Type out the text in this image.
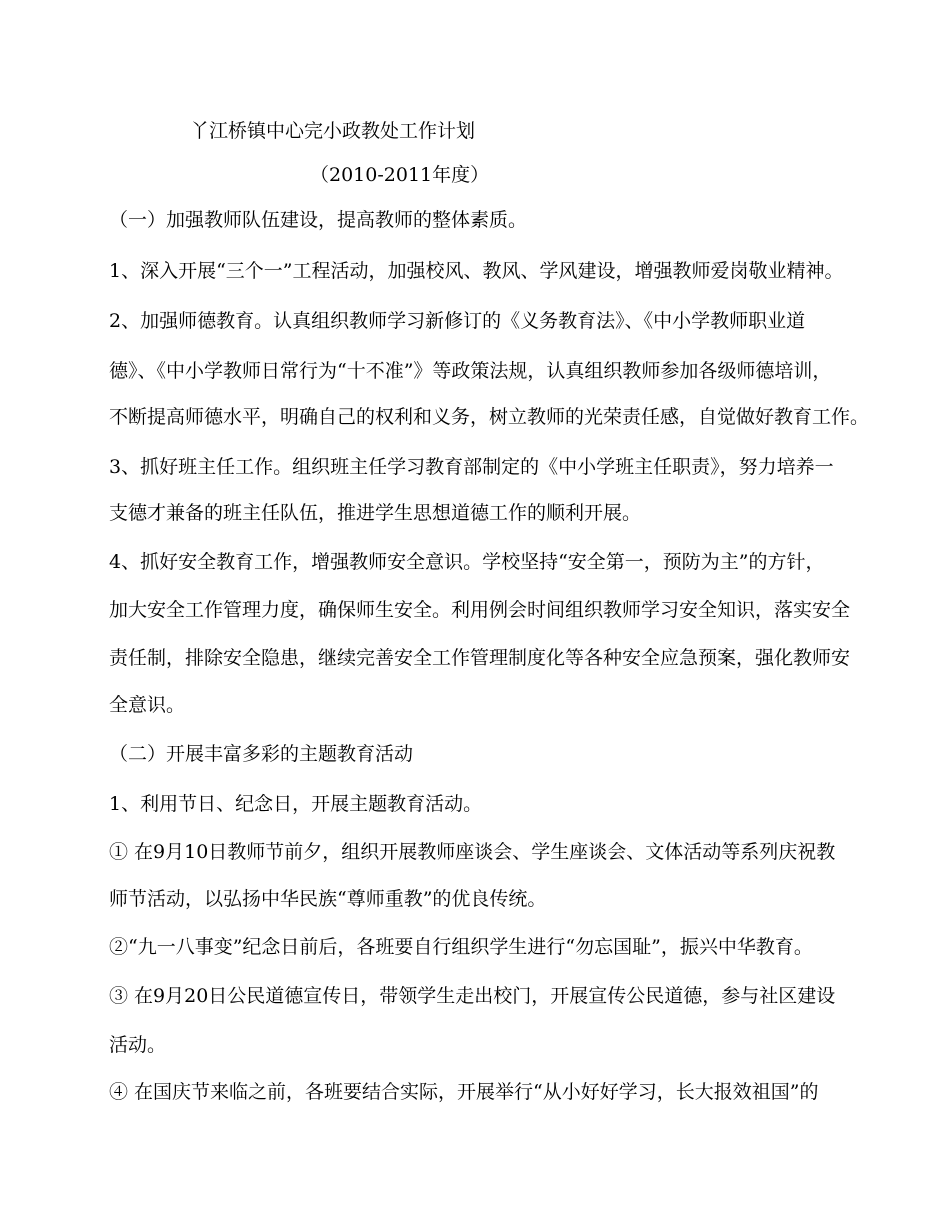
丫江桥镇中心完小政教处工作计划

（2010-2011年度）

（一）加强教师队伍建设，提高教师的整体素质。

1、深入开展“三个一”工程活动，加强校风、教风、学风建设，增强教师爱岗敬业精神。

2、加强师德教育。认真组织教师学习新修订的《义务教育法》、《中小学教师职业道

德》、《中小学教师日常行为“十不准”》等政策法规，认真组织教师参加各级师德培训，

不断提高师德水平，明确自己的权利和义务，树立教师的光荣责任感，自觉做好教育工作。

3、抓好班主任工作。组织班主任学习教育部制定的《中小学班主任职责》，努力培养一

支德才兼备的班主任队伍，推进学生思想道德工作的顺利开展。

4、抓好安全教育工作，增强教师安全意识。学校坚持“安全第一，预防为主”的方针，

加大安全工作管理力度，确保师生安全。利用例会时间组织教师学习安全知识，落实安全

责任制，排除安全隐患，继续完善安全工作管理制度化等各种安全应急预案，强化教师安

全意识。

（二）开展丰富多彩的主题教育活动

1、利用节日、纪念日，开展主题教育活动。

① 在9月10日教师节前夕，组织开展教师座谈会、学生座谈会、文体活动等系列庆祝教

师节活动，以弘扬中华民族“尊师重教”的优良传统。

②“九一八事变”纪念日前后，各班要自行组织学生进行“勿忘国耻”，振兴中华教育。

③ 在9月20日公民道德宣传日，带领学生走出校门，开展宣传公民道德，参与社区建设

活动。

④ 在国庆节来临之前，各班要结合实际，开展举行“从小好好学习，长大报效祖国”的
